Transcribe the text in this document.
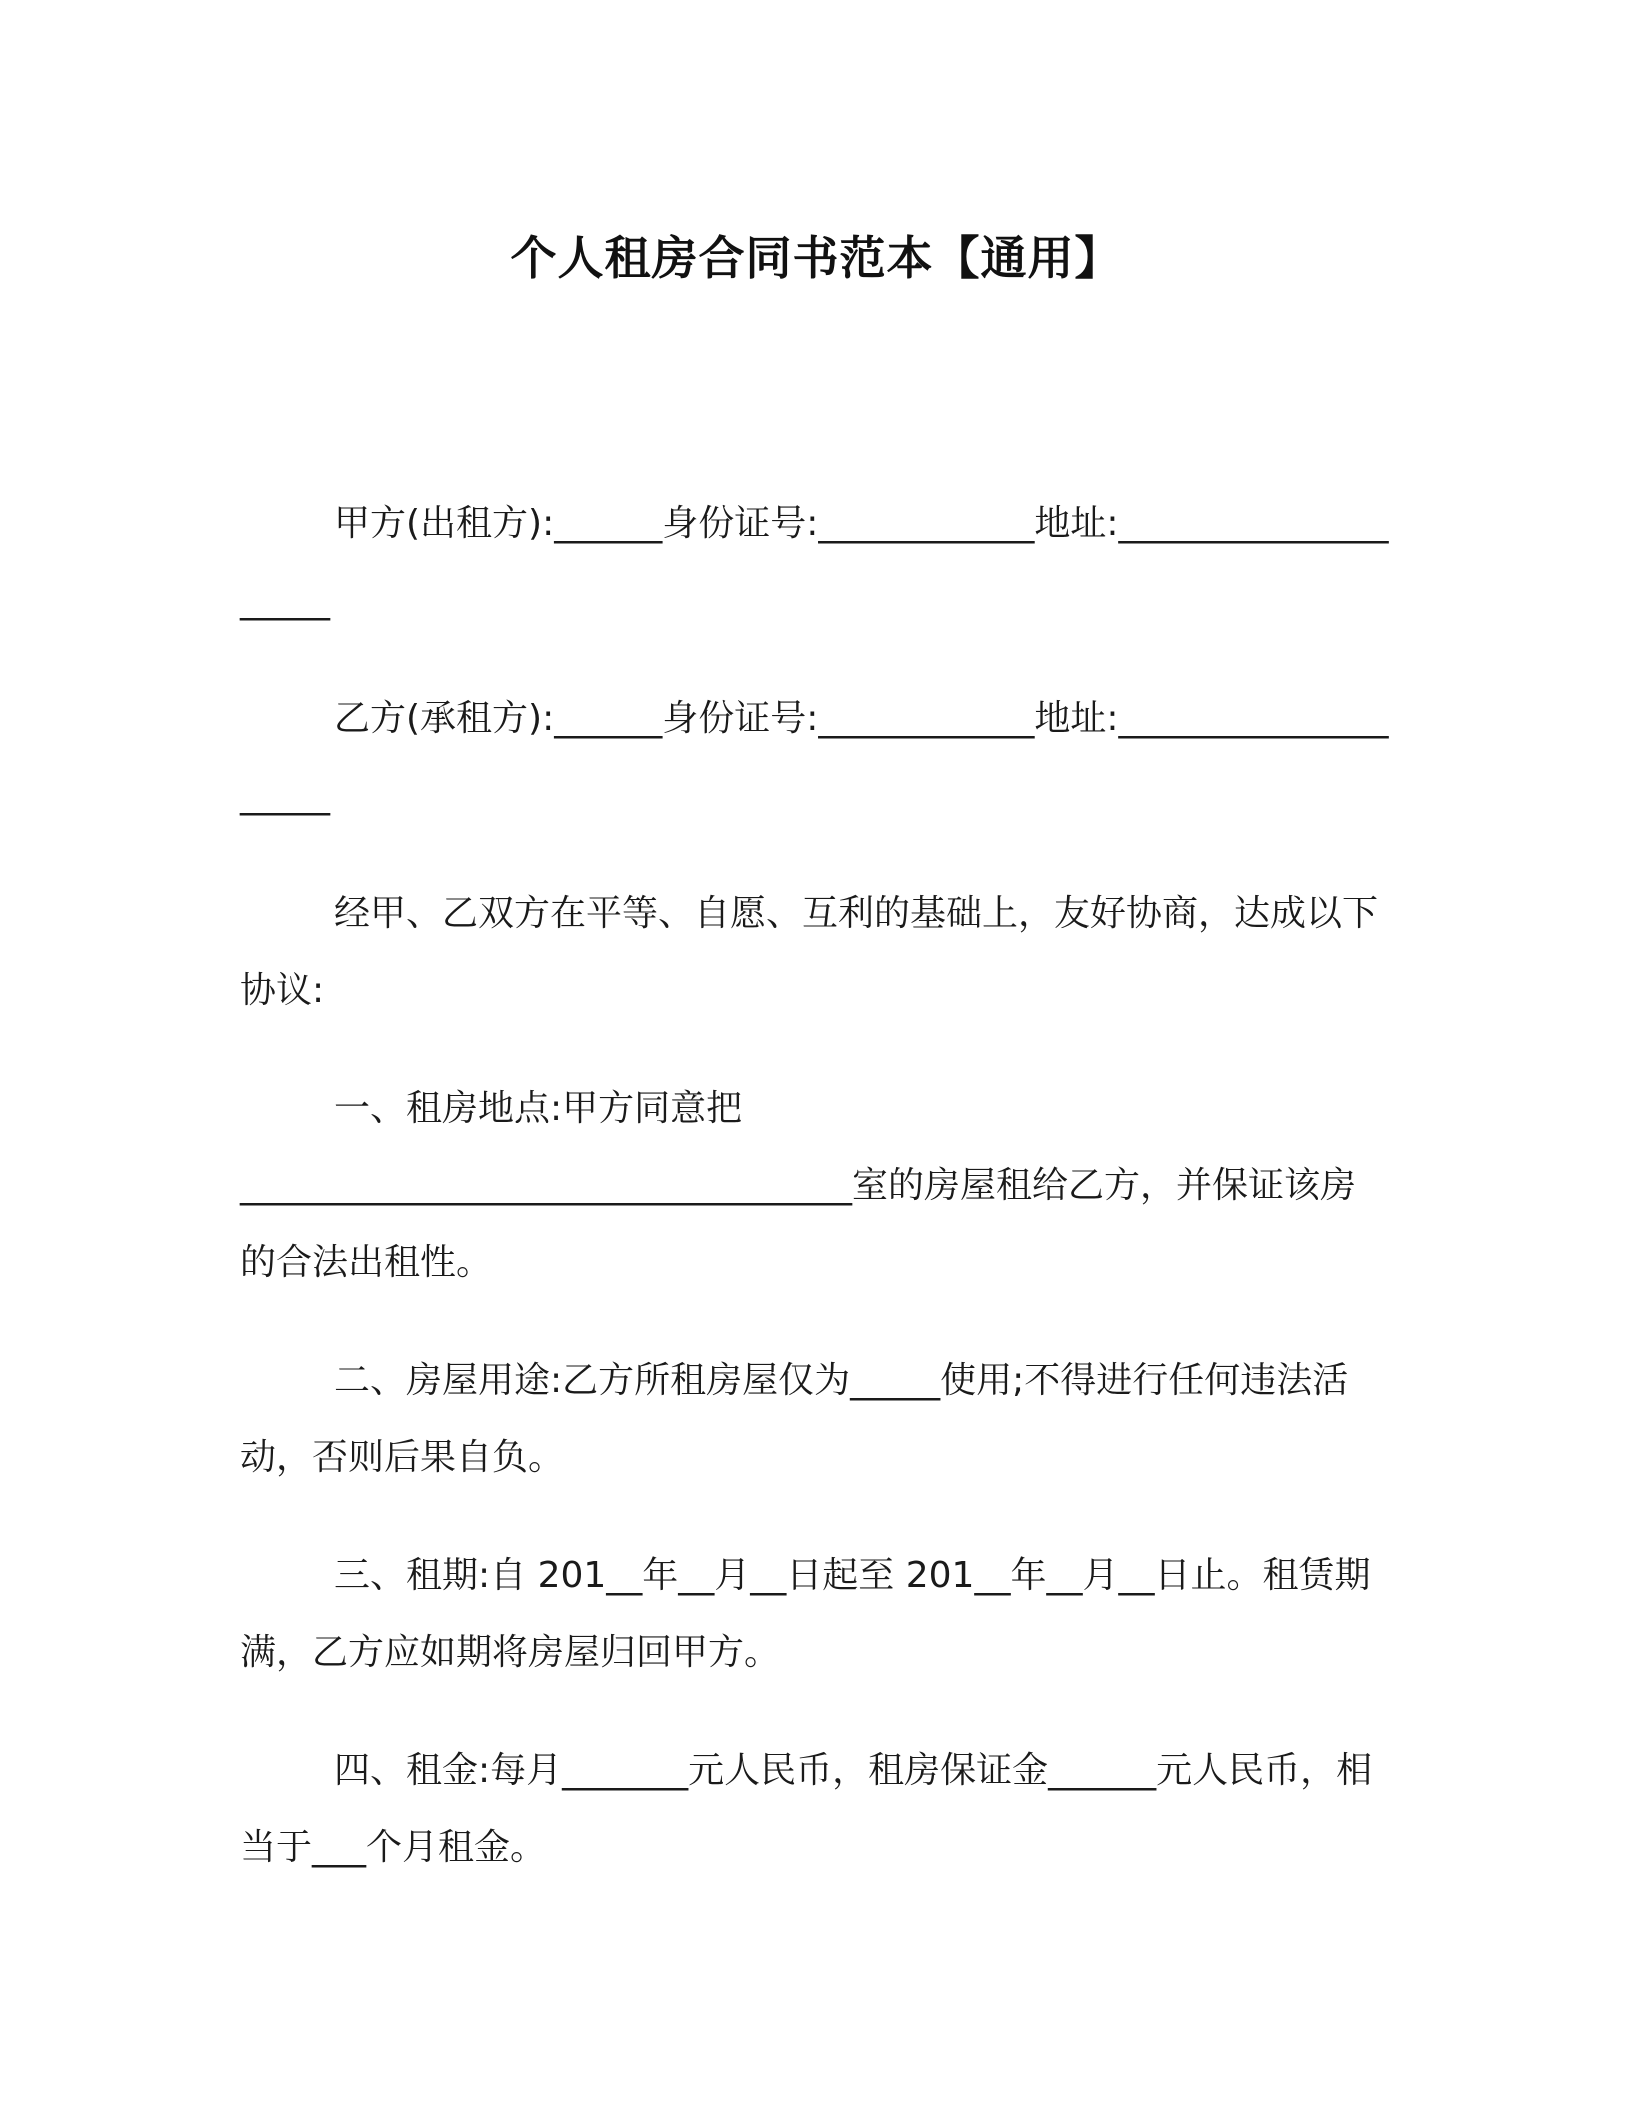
个人租房合同书范本【通用】

甲方(出租方):______身份证号:____________地址:____________________

乙方(承租方):______身份证号:____________地址:____________________

经甲、乙双方在平等、自愿、互利的基础上，友好协商，达成以下协议:

一、租房地点:甲方同意把
__________________________________室的房屋租给乙方，并保证该房的合法出租性。

二、房屋用途:乙方所租房屋仅为_____使用;不得进行任何违法活动，否则后果自负。

三、租期:自 201__年__月__日起至 201__年__月__日止。租赁期满，乙方应如期将房屋归回甲方。

四、租金:每月_______元人民币，租房保证金______元人民币，相当于___个月租金。
